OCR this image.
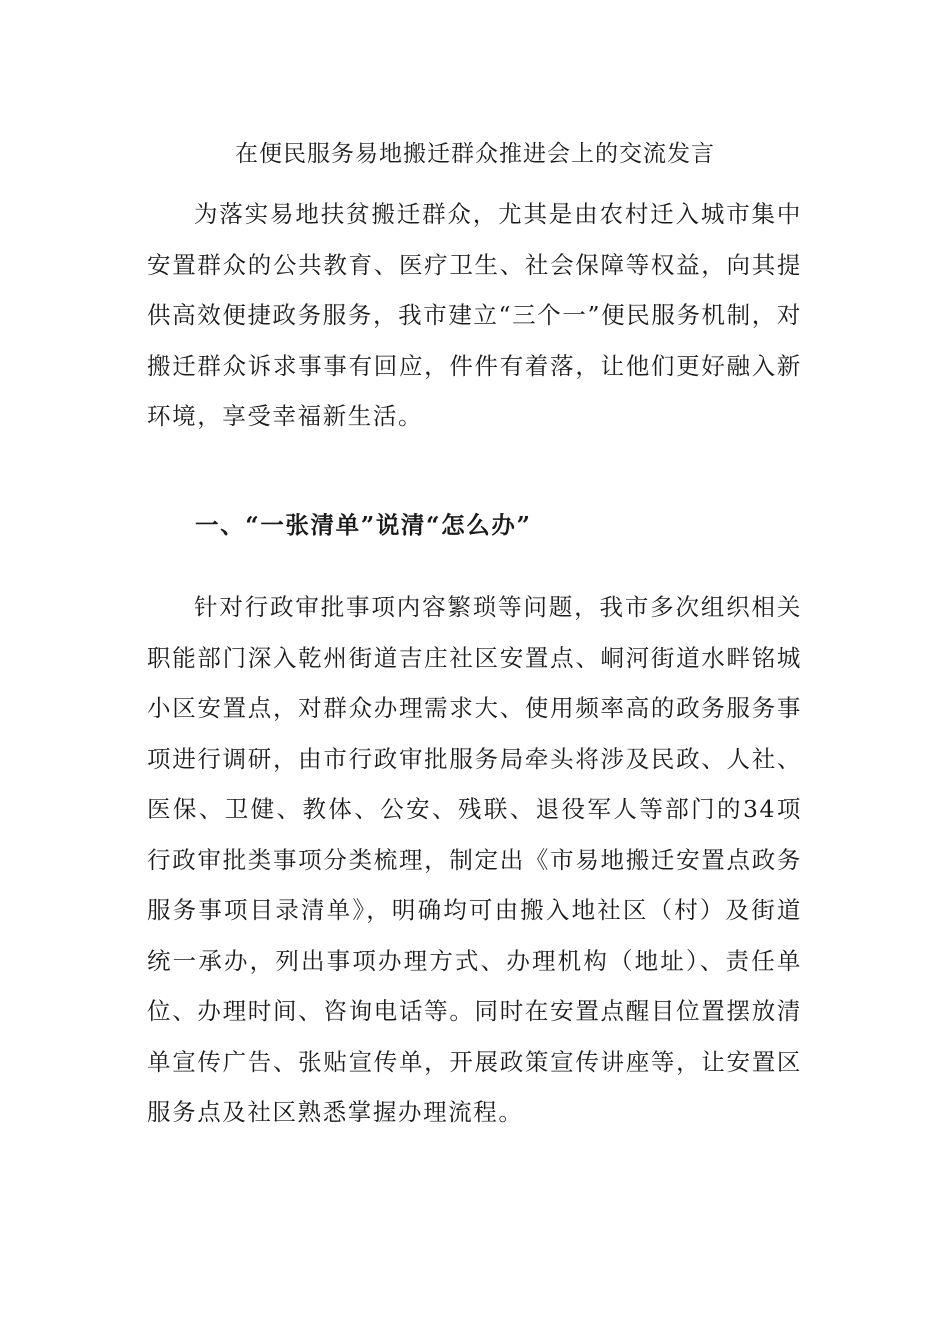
在便民服务易地搬迁群众推进会上的交流发言

为落实易地扶贫搬迁群众，尤其是由农村迁入城市集中安置群众的公共教育、医疗卫生、社会保障等权益，向其提供高效便捷政务服务，我市建立“三个一”便民服务机制，对搬迁群众诉求事事有回应，件件有着落，让他们更好融入新环境，享受幸福新生活。

一、“一张清单”说清“怎么办”

针对行政审批事项内容繁琐等问题，我市多次组织相关职能部门深入乾州街道吉庄社区安置点、峒河街道水畔铭城小区安置点，对群众办理需求大、使用频率高的政务服务事项进行调研，由市行政审批服务局牵头将涉及民政、人社、医保、卫健、教体、公安、残联、退役军人等部门的34项行政审批类事项分类梳理，制定出《市易地搬迁安置点政务服务事项目录清单》，明确均可由搬入地社区（村）及街道统一承办，列出事项办理方式、办理机构（地址）、责任单位、办理时间、咨询电话等。同时在安置点醒目位置摆放清单宣传广告、张贴宣传单，开展政策宣传讲座等，让安置区服务点及社区熟悉掌握办理流程。
